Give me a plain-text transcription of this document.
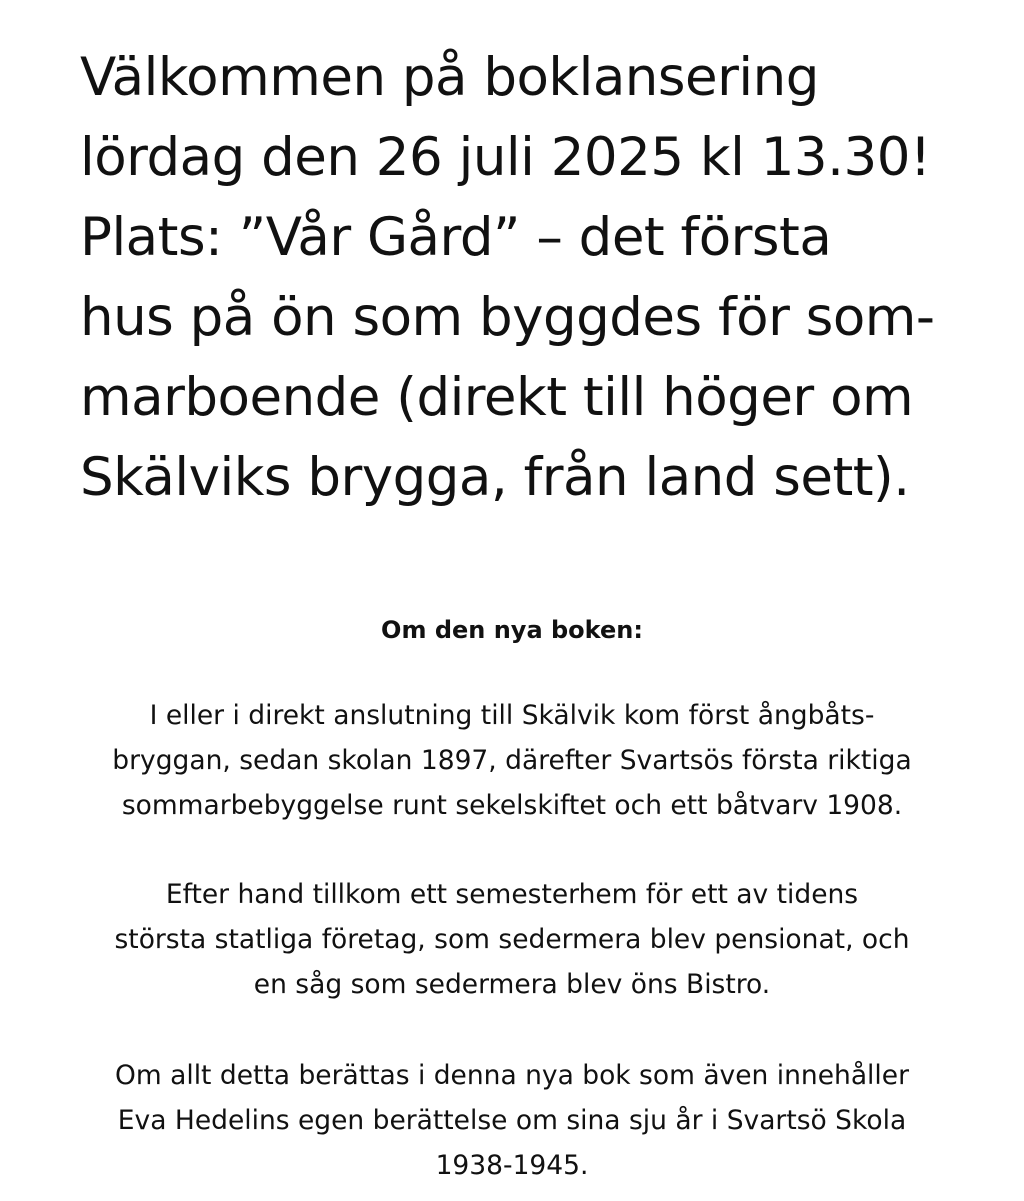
Välkommen på boklansering
lördag den 26 juli 2025 kl 13.30!
Plats: ”Vår Gård” – det första
hus på ön som byggdes för som-
marboende (direkt till höger om
Skälviks brygga, från land sett).
Om den nya boken:

I eller i direkt anslutning till Skälvik kom först ångbåts-
bryggan, sedan skolan 1897, därefter Svartsös första riktiga
sommarbebyggelse runt sekelskiftet och ett båtvarv 1908.

Efter hand tillkom ett semesterhem för ett av tidens
största statliga företag, som sedermera blev pensionat, och
en såg som sedermera blev öns Bistro.

Om allt detta berättas i denna nya bok som även innehåller
Eva Hedelins egen berättelse om sina sju år i Svartsö Skola
1938-1945.
